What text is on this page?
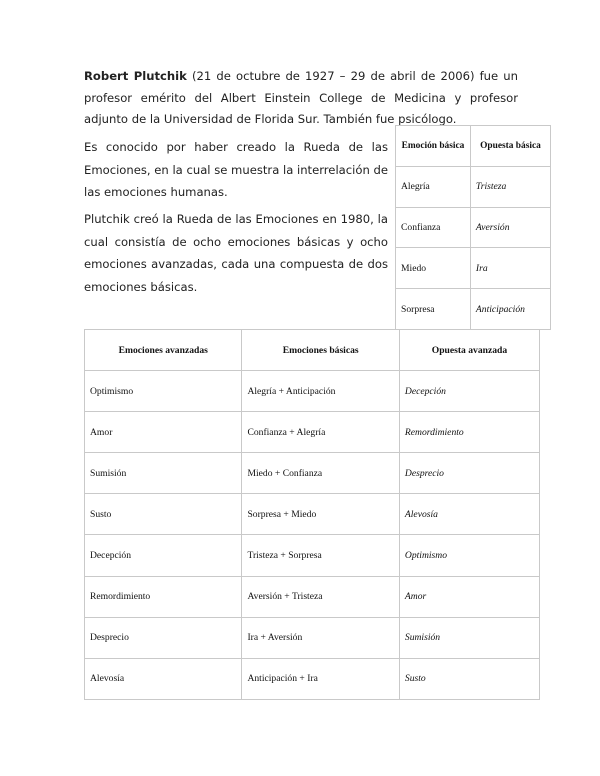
Robert Plutchik (21 de octubre de 1927 – 29 de abril de 2006) fue un profesor emérito del Albert Einstein College de Medicina y profesor adjunto de la Universidad de Florida Sur. También fue psicólogo.

Es conocido por haber creado la Rueda de las Emociones, en la cual se muestra la interrelación de las emociones humanas.

Plutchik creó la Rueda de las Emociones en 1980, la cual consistía de ocho emociones básicas y ocho emociones avanzadas, cada una compuesta de dos emociones básicas.

Emoción básica	Opuesta básica
Alegría	Tristeza
Confianza	Aversión
Miedo	Ira
Sorpresa	Anticipación
Emociones avanzadas	Emociones básicas	Opuesta avanzada
Optimismo	Alegría + Anticipación	Decepción
Amor	Confianza + Alegría	Remordimiento
Sumisión	Miedo + Confianza	Desprecio
Susto	Sorpresa + Miedo	Alevosía
Decepción	Tristeza + Sorpresa	Optimismo
Remordimiento	Aversión + Tristeza	Amor
Desprecio	Ira + Aversión	Sumisión
Alevosía	Anticipación + Ira	Susto
